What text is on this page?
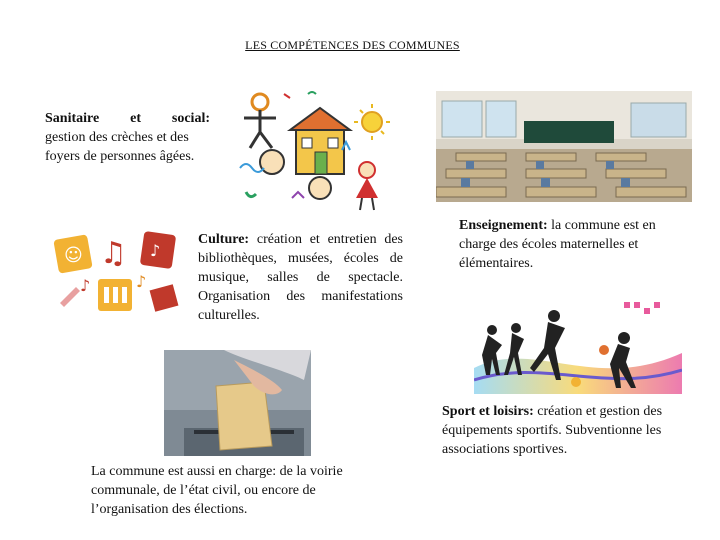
LES COMPÉTENCES DES COMMUNES
Sanitaire et social:
gestion des crèches et des foyers de personnes âgées.
☺ ♫ ♪
♪	♪
Culture: création et entretien des bibliothèques, musées, écoles de musique, salles de spectacle. Organisation des manifestations culturelles.
Enseignement: la commune est en charge des écoles maternelles et élémentaires.
Sport et loisirs: création et gestion des équipements sportifs. Subventionne les associations sportives.
La commune est aussi en charge: de la voirie communale, de l’état civil, ou encore de l’organisation des élections.
